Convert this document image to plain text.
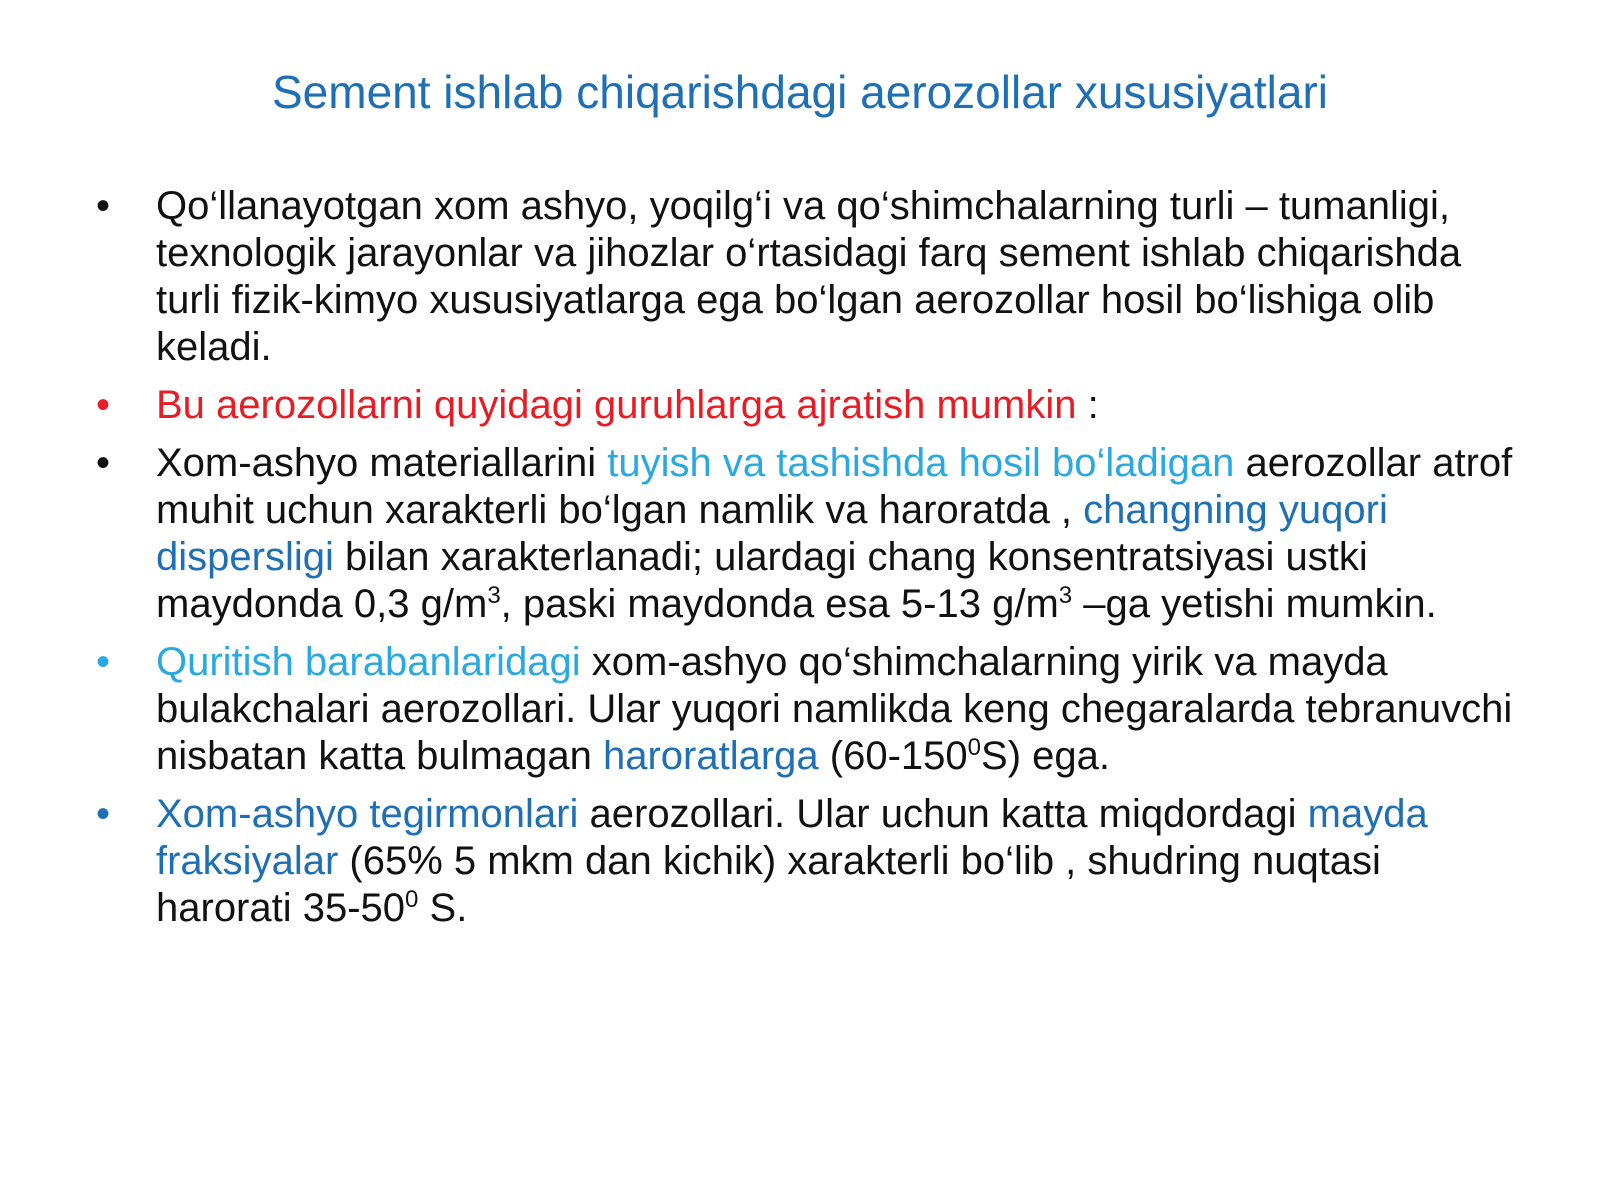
Sement ishlab chiqarishdagi aerozollar xususiyatlari
• Qo‘llanayotgan xom ashyo, yoqilg‘i va qo‘shimchalarning turli – tumanligi, texnologik jarayonlar va jihozlar o‘rtasidagi farq sement ishlab chiqarishda turli fizik-kimyo xususiyatlarga ega bo‘lgan aerozollar hosil bo‘lishiga olib keladi.
• Bu aerozollarni quyidagi guruhlarga ajratish mumkin :
• Xom-ashyo materiallarini tuyish va tashishda hosil bo‘ladigan aerozollar atrof muhit uchun xarakterli bo‘lgan namlik va haroratda , changning yuqori dispersligi bilan xarakterlanadi; ulardagi chang konsentratsiyasi ustki maydonda 0,3 $g/m^3$, paski maydonda esa 5-13 $g/m^3$ –ga yetishi mumkin.
• Quritish barabanlaridagi xom-ashyo qo‘shimchalarning yirik va mayda bulakchalari aerozollari. Ular yuqori namlikda keng chegaralarda tebranuvchi nisbatan katta bulmagan haroratlarga $(60-150^0S)$ ega.
• Xom-ashyo tegirmonlari aerozollari. Ular uchun katta miqdordagi mayda fraksiyalar (65% 5 mkm dan kichik) xarakterli bo‘lib , shudring nuqtasi harorati $35-50^0$ S.
